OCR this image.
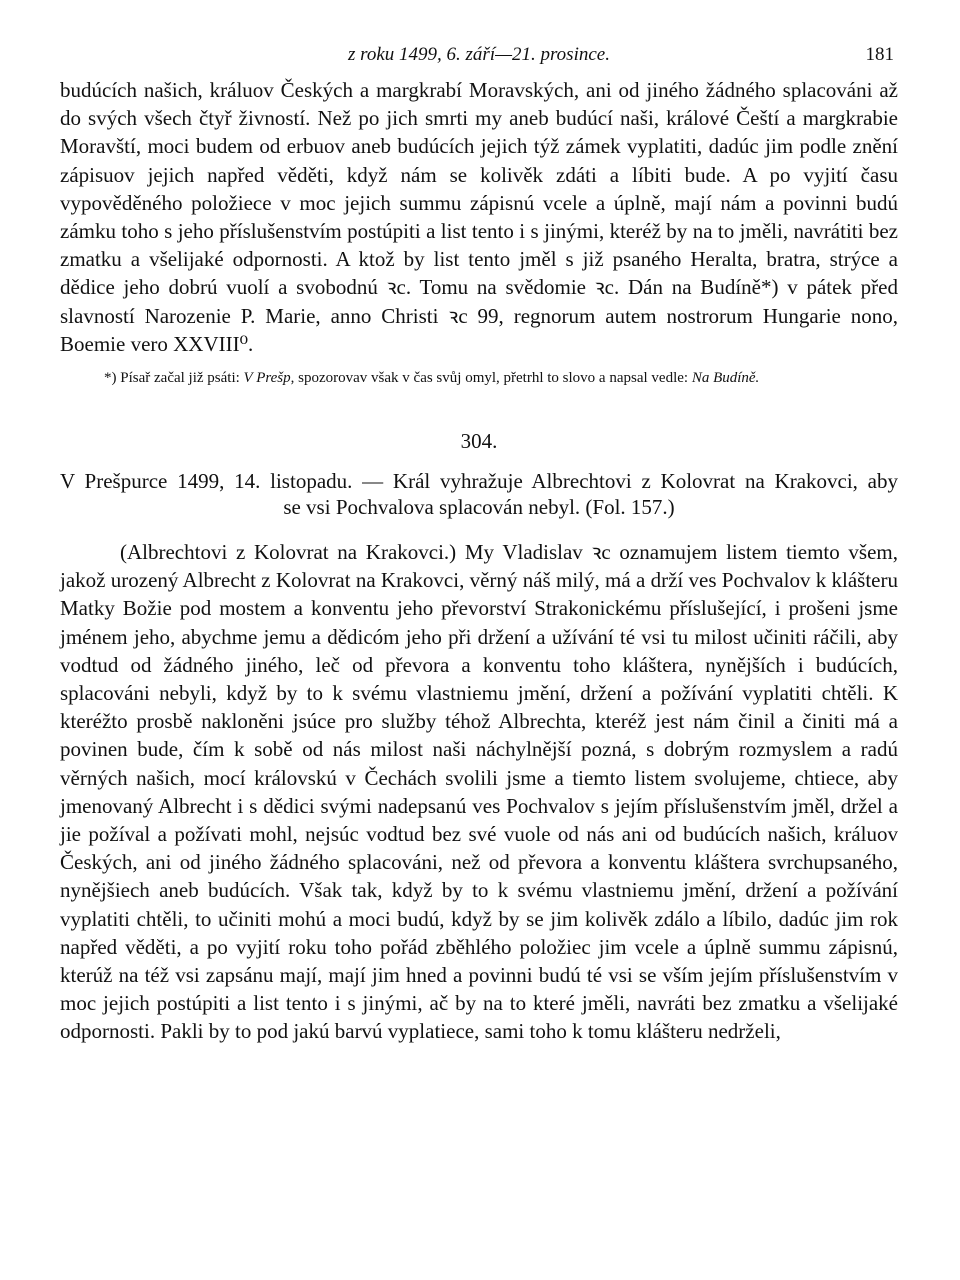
z roku 1499, 6. září—21. prosince.	181

budúcích našich, králuov Českých a margkrabí Moravských, ani od jiného žádného splacováni až do svých všech čtyř živností. Než po jich smrti my aneb budúcí naši, králové Čeští a margkrabie Moravští, moci budem od erbuov aneb budúcích jejich týž zámek vyplatiti, dadúc jim podle znění zápisuov jejich napřed věděti, když nám se kolivěk zdáti a líbiti bude. A po vyjití času vypověděného položiece v moc jejich summu zápisnú vcele a úplně, mají nám a povinni budú zámku toho s jeho příslušenstvím postúpiti a list tento i s jinými, kteréž by na to jměli, navrátiti bez zmatku a všelijaké odpornosti. A ktož by list tento jměl s již psaného Heralta, bratra, strýce a dědice jeho dobrú vuolí a svobodnú ꝛc. Tomu na svědomie ꝛc. Dán na Budíně*) v pátek před slavností Narozenie P. Marie, anno Christi ꝛc 99, regnorum autem nostrorum Hungarie nono, Boemie vero XXVIII⁰.

*) Písař začal již psáti: V Prešp, spozorovav však v čas svůj omyl, přetrhl to slovo a napsal vedle: Na Budíně.

304.
V Prešpurce 1499, 14. listopadu. — Král vyhražuje Albrechtovi z Kolovrat na Krakovci, aby
se vsi Pochvalova splacován nebyl. (Fol. 157.)

(Albrechtovi z Kolovrat na Krakovci.) My Vladislav ꝛc oznamujem listem tiemto všem, jakož urozený Albrecht z Kolovrat na Krakovci, věrný náš milý, má a drží ves Pochvalov k klášteru Matky Božie pod mostem a konventu jeho převorství Strakonickému příslušející, i prošeni jsme jménem jeho, abychme jemu a dědicóm jeho při držení a užívání té vsi tu milost učiniti ráčili, aby vodtud od žádného jiného, leč od převora a konventu toho kláštera, nynějších i budúcích, splacováni nebyli, když by to k svému vlastniemu jmění, držení a požívání vyplatiti chtěli. K kteréžto prosbě nakloněni jsúce pro služby téhož Albrechta, kteréž jest nám činil a činiti má a povinen bude, čím k sobě od nás milost naši náchylnější pozná, s dobrým rozmyslem a radú věrných našich, mocí královskú v Čechách svolili jsme a tiemto listem svolujeme, chtiece, aby jmenovaný Albrecht i s dědici svými nadepsanú ves Pochvalov s jejím příslušenstvím jměl, držel a jie požíval a požívati mohl, nejsúc vodtud bez své vuole od nás ani od budúcích našich, králuov Českých, ani od jiného žádného splacováni, než od převora a konventu kláštera svrchupsaného, nynějšiech aneb budúcích. Však tak, když by to k svému vlastniemu jmění, držení a požívání vyplatiti chtěli, to učiniti mohú a moci budú, když by se jim kolivěk zdálo a líbilo, dadúc jim rok napřed věděti, a po vyjití roku toho pořád zběhlého položiec jim vcele a úplně summu zápisnú, kterúž na též vsi zapsánu mají, mají jim hned a povinni budú té vsi se vším jejím příslušenstvím v moc jejich postúpiti a list tento i s jinými, ač by na to které jměli, navráti bez zmatku a všelijaké odpornosti. Pakli by to pod jakú barvú vyplatiece, sami toho k tomu klášteru nedrželi,
